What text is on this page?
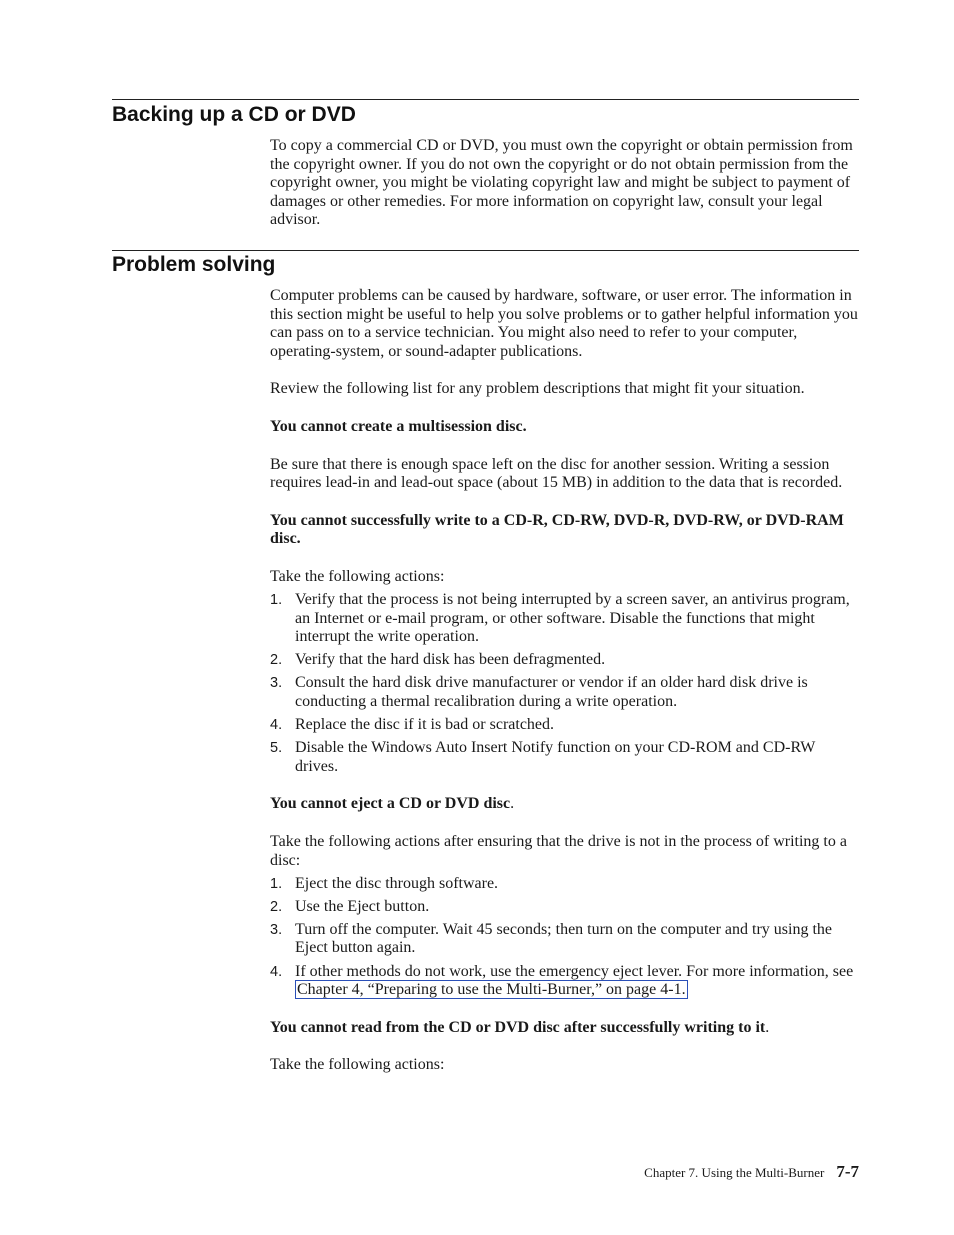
Backing up a CD or DVD

To copy a commercial CD or DVD, you must own the copyright or obtain permission from the copyright owner. If you do not own the copyright or do not obtain permission from the copyright owner, you might be violating copyright law and might be subject to payment of damages or other remedies. For more information on copyright law, consult your legal advisor.

Problem solving

Computer problems can be caused by hardware, software, or user error. The information in this section might be useful to help you solve problems or to gather helpful information you can pass on to a service technician. You might also need to refer to your computer, operating-system, or sound-adapter publications.

Review the following list for any problem descriptions that might fit your situation.

You cannot create a multisession disc.

Be sure that there is enough space left on the disc for another session. Writing a session requires lead-in and lead-out space (about 15 MB) in addition to the data that is recorded.

You cannot successfully write to a CD-R, CD-RW, DVD-R, DVD-RW, or DVD-RAM disc.

Take the following actions:

1. Verify that the process is not being interrupted by a screen saver, an antivirus program, an Internet or e-mail program, or other software. Disable the functions that might interrupt the write operation.
2. Verify that the hard disk has been defragmented.
3. Consult the hard disk drive manufacturer or vendor if an older hard disk drive is conducting a thermal recalibration during a write operation.
4. Replace the disc if it is bad or scratched.
5. Disable the Windows Auto Insert Notify function on your CD-ROM and CD-RW drives.

You cannot eject a CD or DVD disc.

Take the following actions after ensuring that the drive is not in the process of writing to a disc:

1. Eject the disc through software.
2. Use the Eject button.
3. Turn off the computer. Wait 45 seconds; then turn on the computer and try using the Eject button again.
4. If other methods do not work, use the emergency eject lever. For more information, see Chapter 4, “Preparing to use the Multi-Burner,” on page 4-1.

You cannot read from the CD or DVD disc after successfully writing to it.

Take the following actions:

Chapter 7. Using the Multi-Burner 7-7
